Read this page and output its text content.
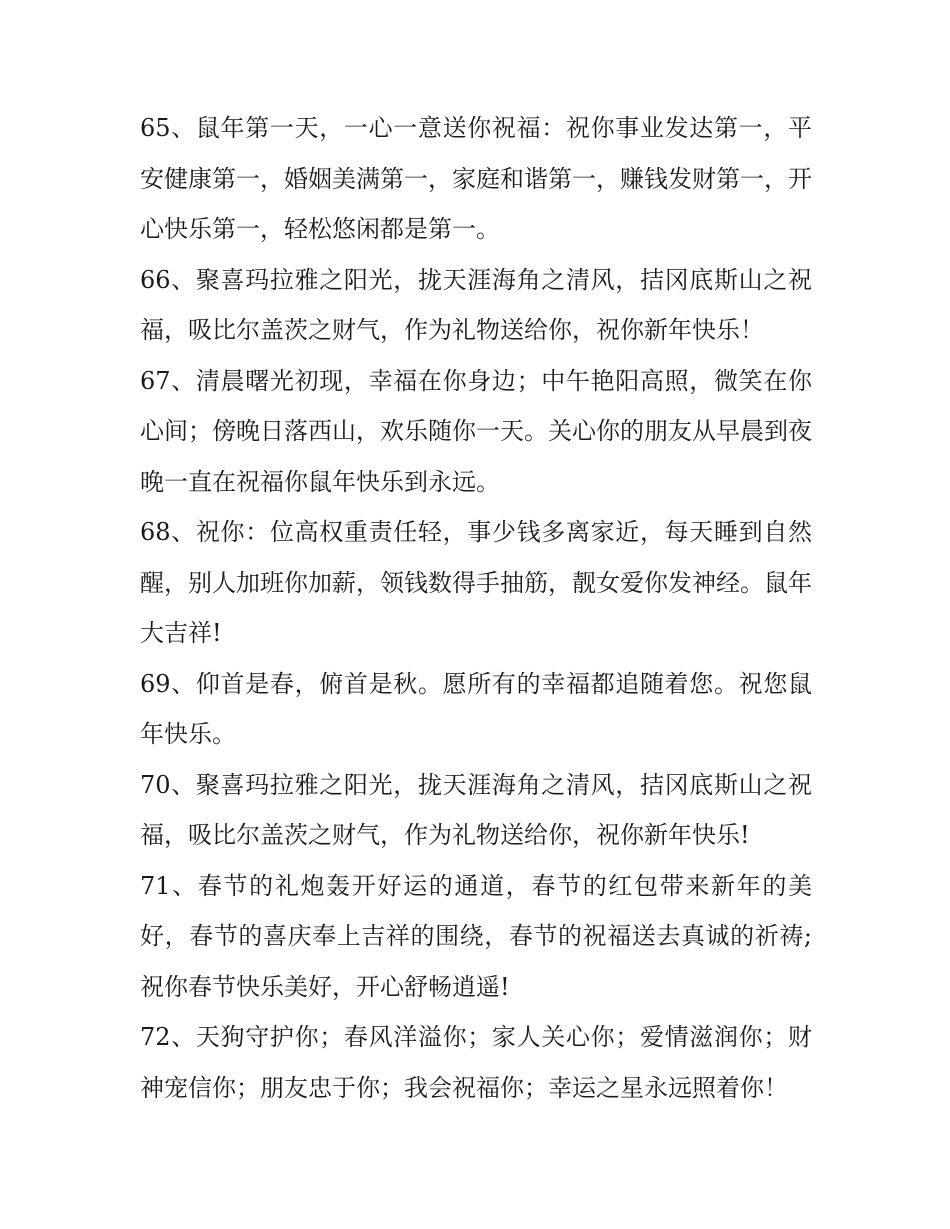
65、鼠年第一天，一心一意送你祝福：祝你事业发达第一，平安健康第一，婚姻美满第一，家庭和谐第一，赚钱发财第一，开心快乐第一，轻松悠闲都是第一。

66、聚喜玛拉雅之阳光，拢天涯海角之清风，拮冈底斯山之祝福，吸比尔盖茨之财气，作为礼物送给你，祝你新年快乐！

67、清晨曙光初现，幸福在你身边；中午艳阳高照，微笑在你心间；傍晚日落西山，欢乐随你一天。关心你的朋友从早晨到夜晚一直在祝福你鼠年快乐到永远。

68、祝你：位高权重责任轻，事少钱多离家近，每天睡到自然醒，别人加班你加薪，领钱数得手抽筋，靓女爱你发神经。鼠年大吉祥!

69、仰首是春，俯首是秋。愿所有的幸福都追随着您。祝您鼠年快乐。

70、聚喜玛拉雅之阳光，拢天涯海角之清风，拮冈底斯山之祝福，吸比尔盖茨之财气，作为礼物送给你，祝你新年快乐!

71、春节的礼炮轰开好运的通道，春节的红包带来新年的美好，春节的喜庆奉上吉祥的围绕，春节的祝福送去真诚的祈祷;祝你春节快乐美好，开心舒畅逍遥!

72、天狗守护你；春风洋溢你；家人关心你；爱情滋润你；财神宠信你；朋友忠于你；我会祝福你；幸运之星永远照着你！
